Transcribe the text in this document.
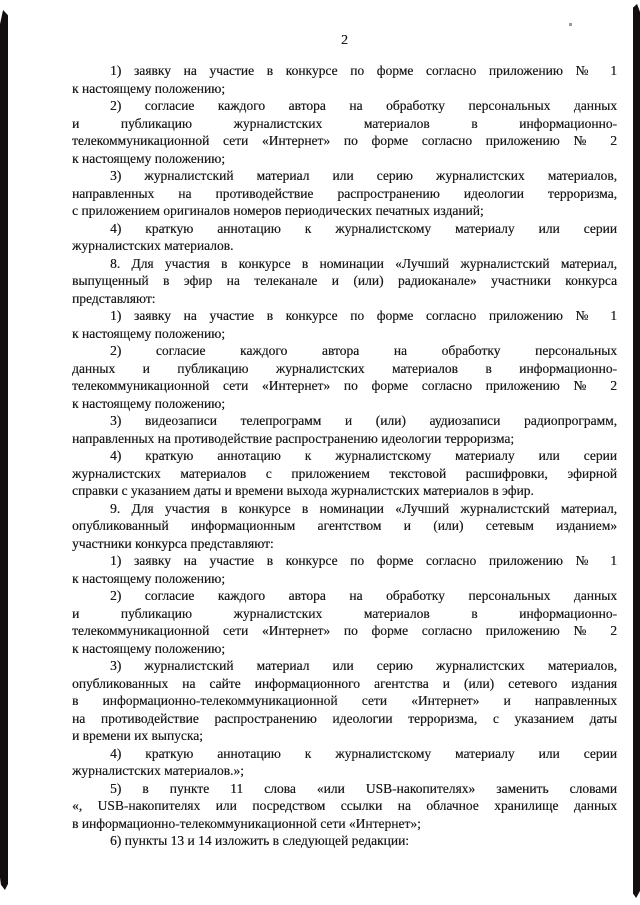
2
1) заявку на участие в конкурсе по форме согласно приложению № 1
к настоящему положению;
2) согласие каждого автора на обработку персональных данных
и публикацию журналистских материалов в информационно-
телекоммуникационной сети «Интернет» по форме согласно приложению № 2
к настоящему положению;
3) журналистский материал или серию журналистских материалов,
направленных на противодействие распространению идеологии терроризма,
с приложением оригиналов номеров периодических печатных изданий;
4) краткую аннотацию к журналистскому материалу или серии
журналистских материалов.
8. Для участия в конкурсе в номинации «Лучший журналистский материал,
выпущенный в эфир на телеканале и (или) радиоканале» участники конкурса
представляют:
1) заявку на участие в конкурсе по форме согласно приложению № 1
к настоящему положению;
2) согласие каждого автора на обработку персональных
данных и публикацию журналистских материалов в информационно-
телекоммуникационной сети «Интернет» по форме согласно приложению № 2
к настоящему положению;
3) видеозаписи телепрограмм и (или) аудиозаписи радиопрограмм,
направленных на противодействие распространению идеологии терроризма;
4) краткую аннотацию к журналистскому материалу или серии
журналистских материалов с приложением текстовой расшифровки, эфирной
справки с указанием даты и времени выхода журналистских материалов в эфир.
9. Для участия в конкурсе в номинации «Лучший журналистский материал,
опубликованный информационным агентством и (или) сетевым изданием»
участники конкурса представляют:
1) заявку на участие в конкурсе по форме согласно приложению № 1
к настоящему положению;
2) согласие каждого автора на обработку персональных данных
и публикацию журналистских материалов в информационно-
телекоммуникационной сети «Интернет» по форме согласно приложению № 2
к настоящему положению;
3) журналистский материал или серию журналистских материалов,
опубликованных на сайте информационного агентства и (или) сетевого издания
в информационно-телекоммуникационной сети «Интернет» и направленных
на противодействие распространению идеологии терроризма, с указанием даты
и времени их выпуска;
4) краткую аннотацию к журналистскому материалу или серии
журналистских материалов.»;
5) в пункте 11 слова «или USB-накопителях» заменить словами
«, USB-накопителях или посредством ссылки на облачное хранилище данных
в информационно-телекоммуникационной сети «Интернет»;
6) пункты 13 и 14 изложить в следующей редакции:
